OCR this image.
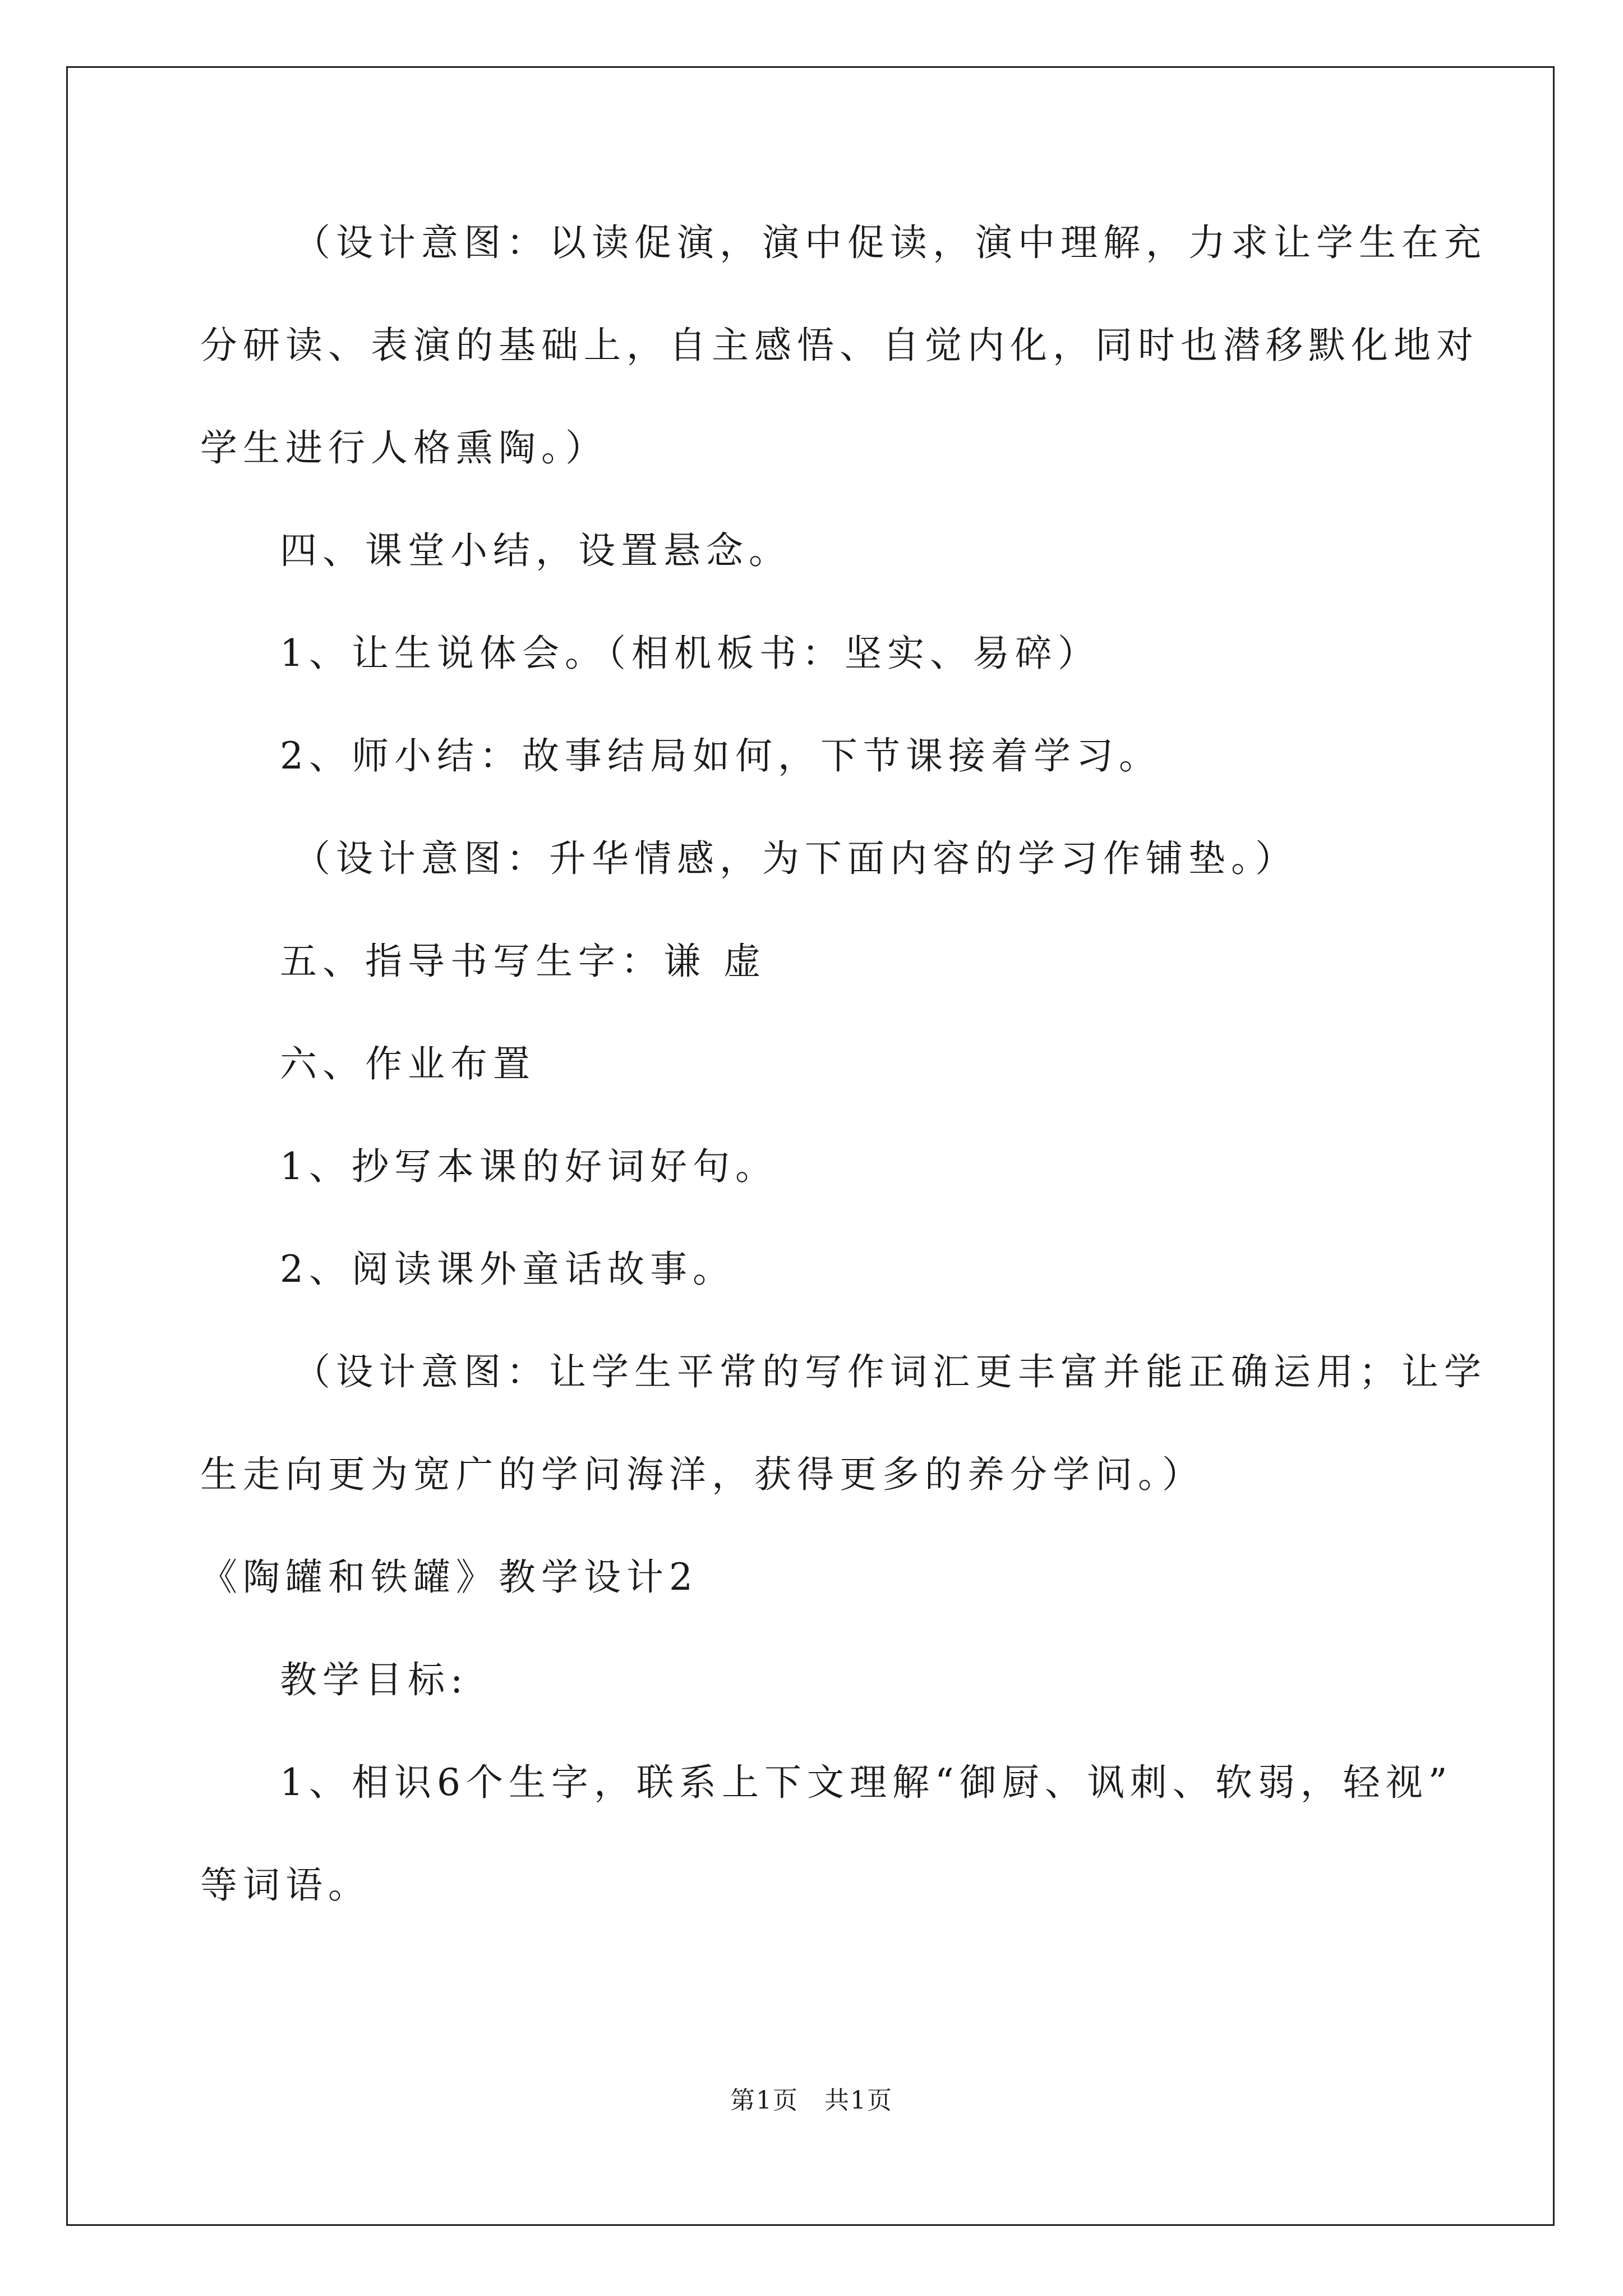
（设计意图：以读促演，演中促读，演中理解，力求让学生在充
分研读、表演的基础上，自主感悟、自觉内化，同时也潜移默化地对
学生进行人格熏陶。）
四、课堂小结，设置悬念。
1、让生说体会。（相机板书：坚实、易碎）
2、师小结：故事结局如何，下节课接着学习。
（设计意图：升华情感，为下面内容的学习作铺垫。）
五、指导书写生字：谦 虚
六、作业布置
1、抄写本课的好词好句。
2、阅读课外童话故事。
（设计意图：让学生平常的写作词汇更丰富并能正确运用；让学
生走向更为宽广的学问海洋，获得更多的养分学问。）
《陶罐和铁罐》教学设计2
教学目标:
1、相识6个生字，联系上下文理解“御厨、讽刺、软弱，轻视”
等词语。
第1页　共1页
